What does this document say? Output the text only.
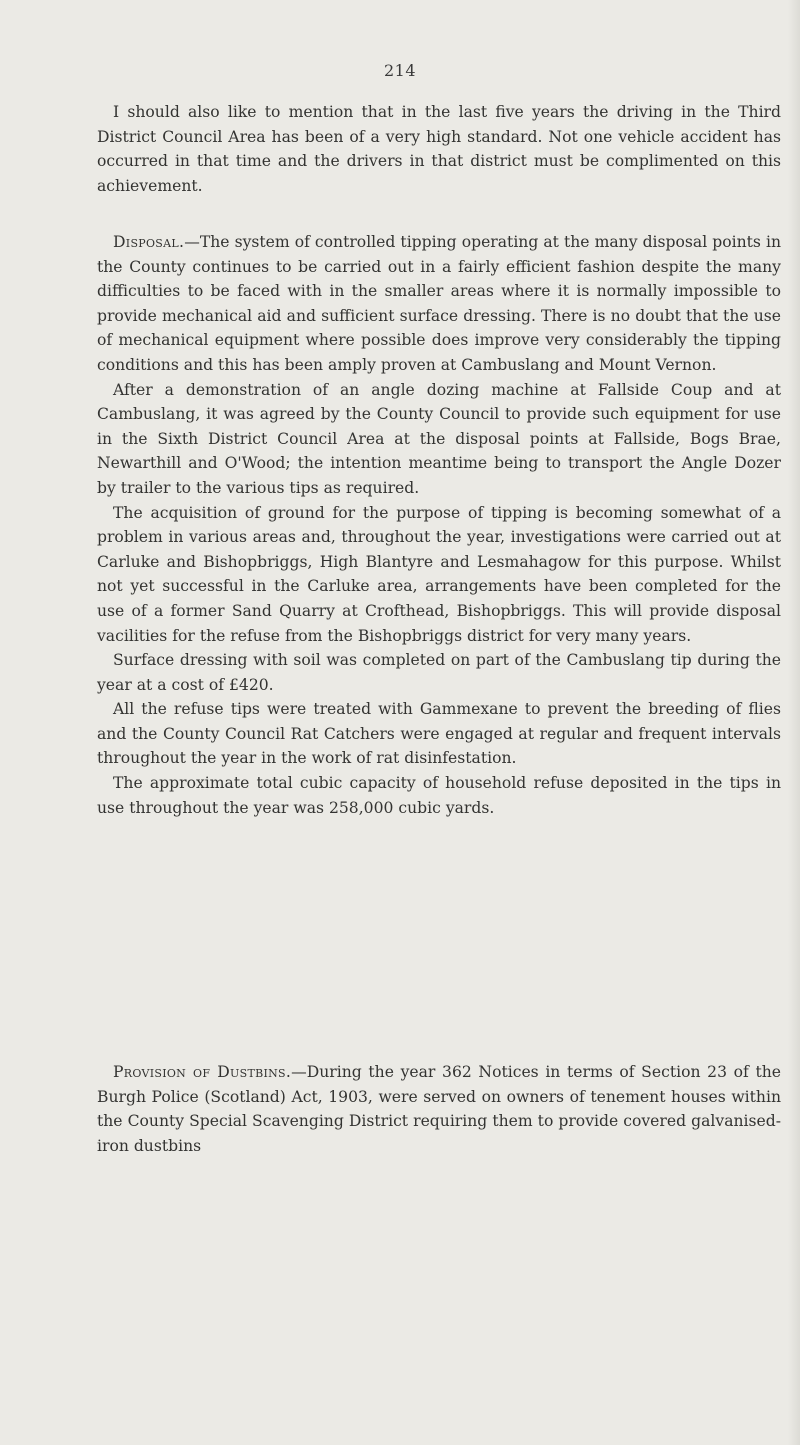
214

I should also like to mention that in the last five years the driving in the Third District Council Area has been of a very high standard. Not one vehicle accident has occurred in that time and the drivers in that district must be complimented on this achievement.

Disposal.—The system of controlled tipping operating at the many disposal points in the County continues to be carried out in a fairly efficient fashion despite the many difficulties to be faced with in the smaller areas where it is normally impossible to provide mechanical aid and sufficient surface dressing. There is no doubt that the use of mechanical equipment where possible does improve very considerably the tipping conditions and this has been amply proven at Cambuslang and Mount Vernon.

After a demonstration of an angle dozing machine at Fallside Coup and at Cambuslang, it was agreed by the County Council to provide such equipment for use in the Sixth District Council Area at the disposal points at Fallside, Bogs Brae, Newarthill and O'Wood; the intention meantime being to transport the Angle Dozer by trailer to the various tips as required.

The acquisition of ground for the purpose of tipping is becoming somewhat of a problem in various areas and, throughout the year, investigations were carried out at Carluke and Bishopbriggs, High Blantyre and Lesmahagow for this purpose. Whilst not yet successful in the Carluke area, arrangements have been completed for the use of a former Sand Quarry at Crofthead, Bishopbriggs. This will provide disposal vacilities for the refuse from the Bishopbriggs district for very many years.

Surface dressing with soil was completed on part of the Cambuslang tip during the year at a cost of £420.

All the refuse tips were treated with Gammexane to prevent the breeding of flies and the County Council Rat Catchers were engaged at regular and frequent intervals throughout the year in the work of rat disinfestation.

The approximate total cubic capacity of household refuse deposited in the tips in use throughout the year was 258,000 cubic yards.

Provision of Dustbins.—During the year 362 Notices in terms of Section 23 of the Burgh Police (Scotland) Act, 1903, were served on owners of tenement houses within the County Special Scavenging District requiring them to provide covered galvanised-iron dustbins
